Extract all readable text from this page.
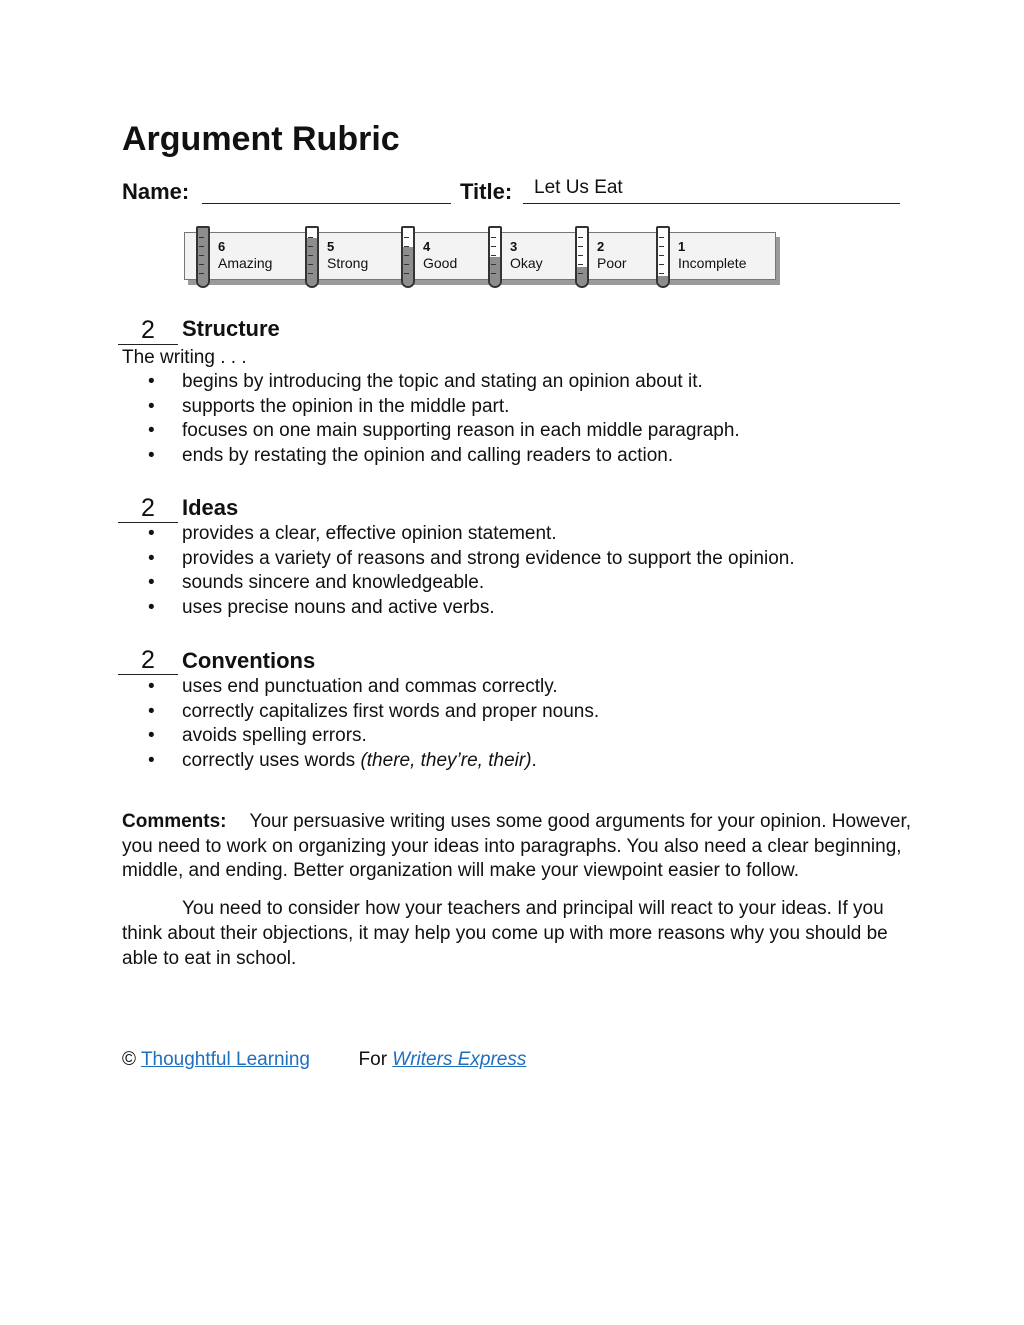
Argument Rubric
Name:	Title: Let Us Eat
6
Amazing
5
Strong
4
Good
3
Okay
2
Poor
1
Incomplete
2	Structure
The writing . . .
• begins by introducing the topic and stating an opinion about it.
• supports the opinion in the middle part.
• focuses on one main supporting reason in each middle paragraph.
• ends by restating the opinion and calling readers to action.
2	Ideas
• provides a clear, effective opinion statement.
• provides a variety of reasons and strong evidence to support the opinion.
• sounds sincere and knowledgeable.
• uses precise nouns and active verbs.
2	Conventions
• uses end punctuation and commas correctly.
• correctly capitalizes first words and proper nouns.
• avoids spelling errors.
• correctly uses words (there, they’re, their).

Comments: Your persuasive writing uses some good arguments for your opinion. However, you need to work on organizing your ideas into paragraphs. You also need a clear beginning, middle, and ending. Better organization will make your viewpoint easier to follow.

You need to consider how your teachers and principal will react to your ideas. If you think about their objections, it may help you come up with more reasons why you should be able to eat in school.

© Thoughtful Learning	For Writers Express
